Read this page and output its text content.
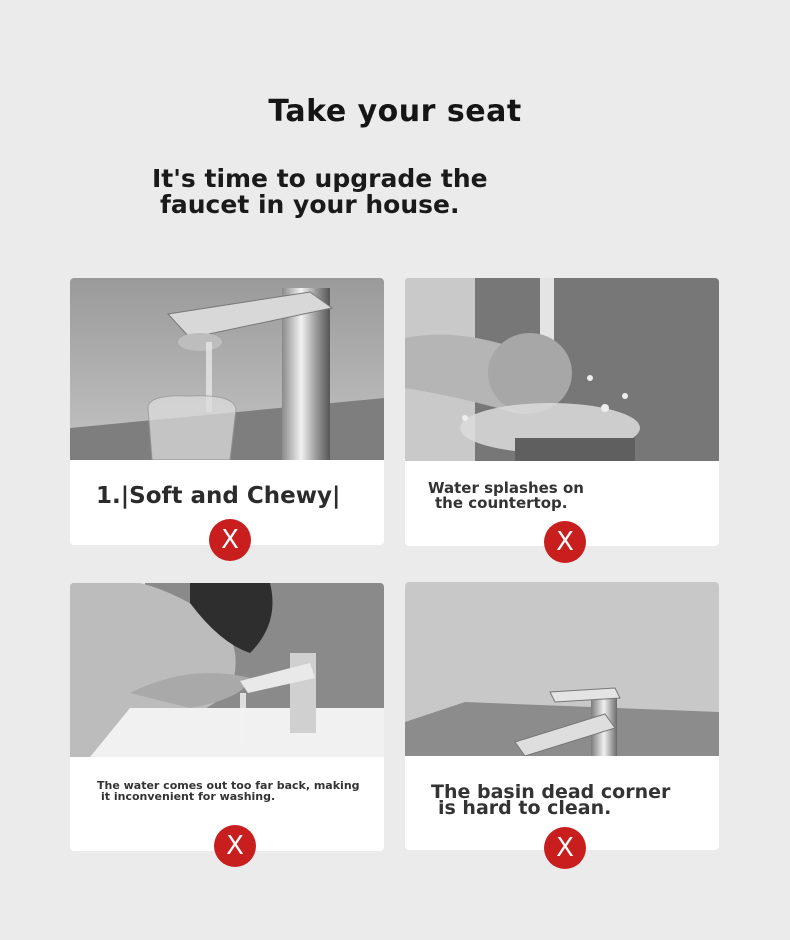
Take your seat
It's time to upgrade the
faucet in your house.
1.|Soft and Chewy|
X
Water splashes on
the countertop.
X
The water comes out too far back, making
it inconvenient for washing.
X
The basin dead corner
is hard to clean.
X
